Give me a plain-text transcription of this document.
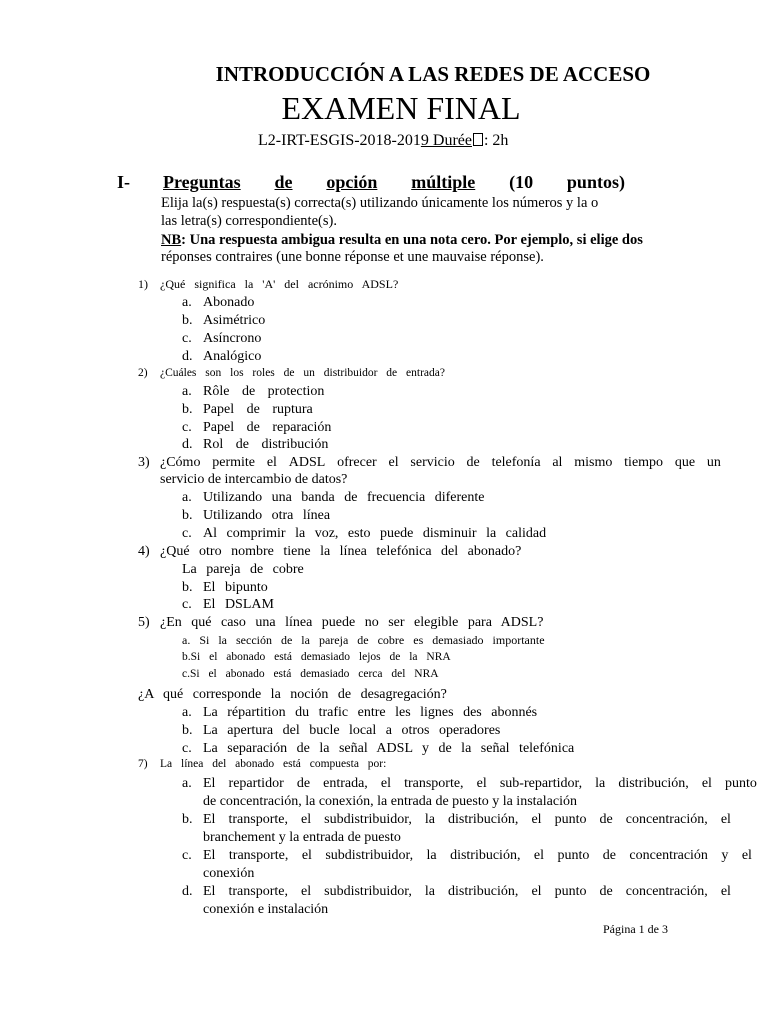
INTRODUCCIÓN A LAS REDES DE ACCESO
EXAMEN FINAL
L2-IRT-ESGIS-2018-2019 Durée : 2h
I- Preguntas de opción múltiple (10 puntos)
Elija la(s) respuesta(s) correcta(s) utilizando únicamente los números y la o
las letra(s) correspondiente(s).
NB: Una respuesta ambigua resulta en una nota cero. Por ejemplo, si elige dos
réponses contraires (une bonne réponse et une mauvaise réponse).
1) ¿Qué significa la 'A' del acrónimo ADSL?
a. Abonado
b. Asimétrico
c. Asíncrono
d. Analógico
2) ¿Cuáles son los roles de un distribuidor de entrada?
a. Rôle de protection
b. Papel de ruptura
c. Papel de reparación
d. Rol de distribución
3) ¿Cómo permite el ADSL ofrecer el servicio de telefonía al mismo tiempo que un
servicio de intercambio de datos?
a. Utilizando una banda de frecuencia diferente
b. Utilizando otra línea
c. Al comprimir la voz, esto puede disminuir la calidad
4) ¿Qué otro nombre tiene la línea telefónica del abonado?
La pareja de cobre
b. El bipunto
c. El DSLAM
5) ¿En qué caso una línea puede no ser elegible para ADSL?
a. Si la sección de la pareja de cobre es demasiado importante
b.Si el abonado está demasiado lejos de la NRA
c.Si el abonado está demasiado cerca del NRA
¿A qué corresponde la noción de desagregación?
a. La répartition du trafic entre les lignes des abonnés
b. La apertura del bucle local a otros operadores
c. La separación de la señal ADSL y de la señal telefónica
7) La línea del abonado está compuesta por:
a. El repartidor de entrada, el transporte, el sub-repartidor, la distribución, el punto
de concentración, la conexión, la entrada de puesto y la instalación
b. El transporte, el subdistribuidor, la distribución, el punto de concentración, el
branchement y la entrada de puesto
c. El transporte, el subdistribuidor, la distribución, el punto de concentración y el
conexión
d. El transporte, el subdistribuidor, la distribución, el punto de concentración, el
conexión e instalación
Página 1 de 3
